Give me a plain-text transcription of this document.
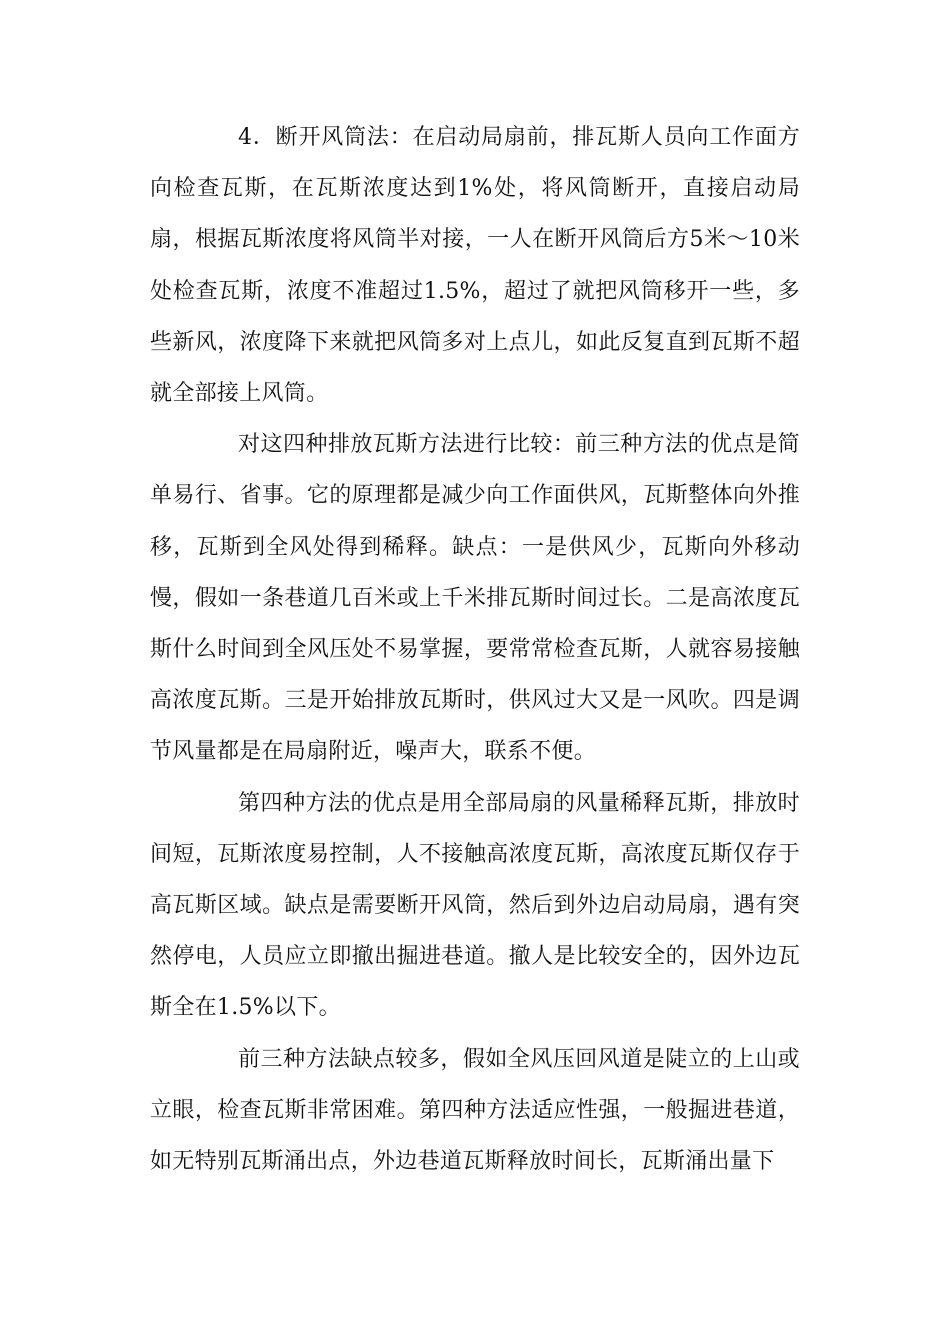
4．断开风筒法：在启动局扇前，排瓦斯人员向工作面方向检查瓦斯，在瓦斯浓度达到1%处，将风筒断开，直接启动局扇，根据瓦斯浓度将风筒半对接，一人在断开风筒后方5米～10米处检查瓦斯，浓度不准超过1.5%，超过了就把风筒移开一些，多些新风，浓度降下来就把风筒多对上点儿，如此反复直到瓦斯不超就全部接上风筒。

对这四种排放瓦斯方法进行比较：前三种方法的优点是简单易行、省事。它的原理都是减少向工作面供风，瓦斯整体向外推移，瓦斯到全风处得到稀释。缺点：一是供风少，瓦斯向外移动慢，假如一条巷道几百米或上千米排瓦斯时间过长。二是高浓度瓦斯什么时间到全风压处不易掌握，要常常检查瓦斯，人就容易接触高浓度瓦斯。三是开始排放瓦斯时，供风过大又是一风吹。四是调节风量都是在局扇附近，噪声大，联系不便。

第四种方法的优点是用全部局扇的风量稀释瓦斯，排放时间短，瓦斯浓度易控制，人不接触高浓度瓦斯，高浓度瓦斯仅存于高瓦斯区域。缺点是需要断开风筒，然后到外边启动局扇，遇有突然停电，人员应立即撤出掘进巷道。撤人是比较安全的，因外边瓦斯全在1.5%以下。

前三种方法缺点较多，假如全风压回风道是陡立的上山或立眼，检查瓦斯非常困难。第四种方法适应性强，一般掘进巷道，如无特别瓦斯涌出点，外边巷道瓦斯释放时间长，瓦斯涌出量下
